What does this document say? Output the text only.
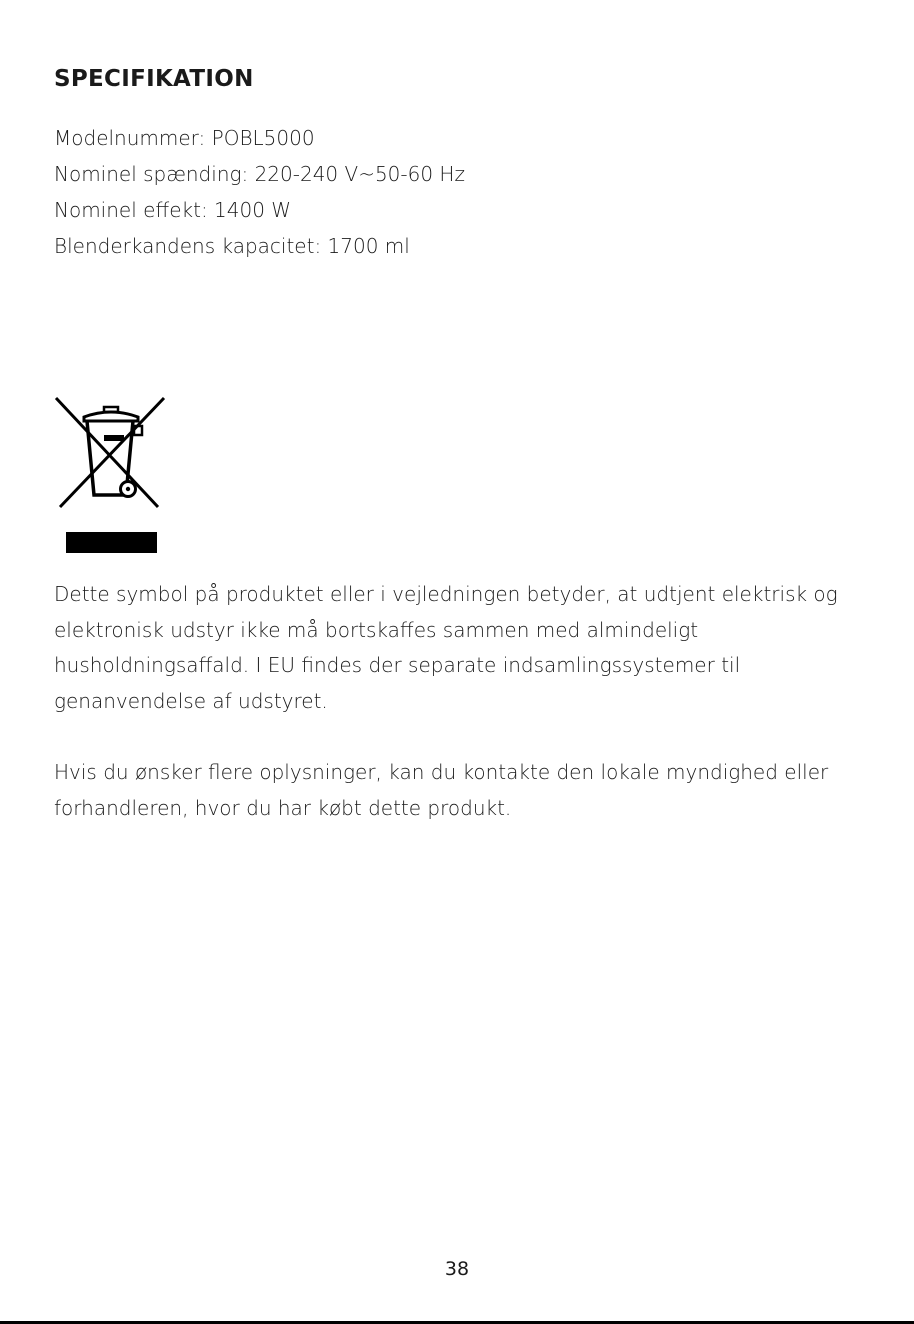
SPECIFIKATION
Modelnummer: POBL5000
Nominel spænding: 220-240 V~50-60 Hz
Nominel effekt: 1400 W
Blenderkandens kapacitet: 1700 ml

Dette symbol på produktet eller i vejledningen betyder, at udtjent elektrisk og elektronisk udstyr ikke må bortskaffes sammen med almindeligt husholdningsaffald. I EU findes der separate indsamlingssystemer til genanvendelse af udstyret.

Hvis du ønsker flere oplysninger, kan du kontakte den lokale myndighed eller forhandleren, hvor du har købt dette produkt.

38
